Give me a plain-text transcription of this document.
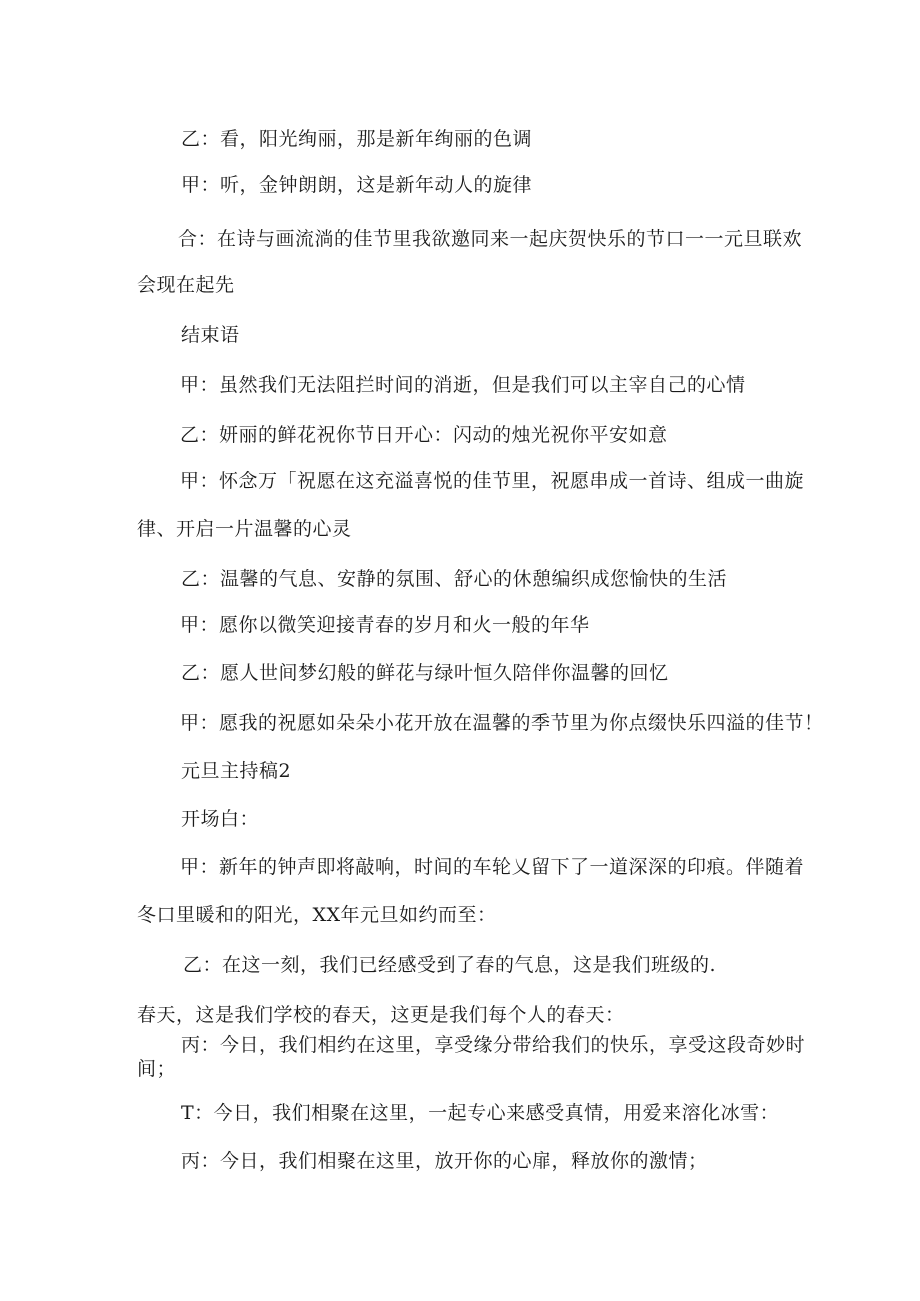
乙：看，阳光绚丽，那是新年绚丽的色调
甲：听，金钟朗朗，这是新年动人的旋律
合：在诗与画流淌的佳节里我欲邀同来一起庆贺快乐的节口一一元旦联欢
会现在起先
结束语
甲：虽然我们无法阻拦时间的消逝，但是我们可以主宰自己的心情
乙：妍丽的鲜花祝你节日开心：闪动的烛光祝你平安如意
甲：怀念万「祝愿在这充溢喜悦的佳节里，祝愿串成一首诗、组成一曲旋
律、开启一片温馨的心灵
乙：温馨的气息、安静的氛围、舒心的休憩编织成您愉快的生活
甲：愿你以微笑迎接青春的岁月和火一般的年华
乙：愿人世间梦幻般的鲜花与绿叶恒久陪伴你温馨的回忆
甲：愿我的祝愿如朵朵小花开放在温馨的季节里为你点缀快乐四溢的佳节！
元旦主持稿2
开场白：
甲：新年的钟声即将敲响，时间的车轮乂留下了一道深深的印痕。伴随着
冬口里暖和的阳光，XX年元旦如约而至：
乙：在这一刻，我们已经感受到了春的气息，这是我们班级的.
春天，这是我们学校的春天，这更是我们每个人的春天：
丙：今日，我们相约在这里，享受缘分带给我们的快乐，享受这段奇妙时
间；
T：今日，我们相聚在这里，一起专心来感受真情，用爱来溶化冰雪：
丙：今日，我们相聚在这里，放开你的心扉，释放你的激情；
